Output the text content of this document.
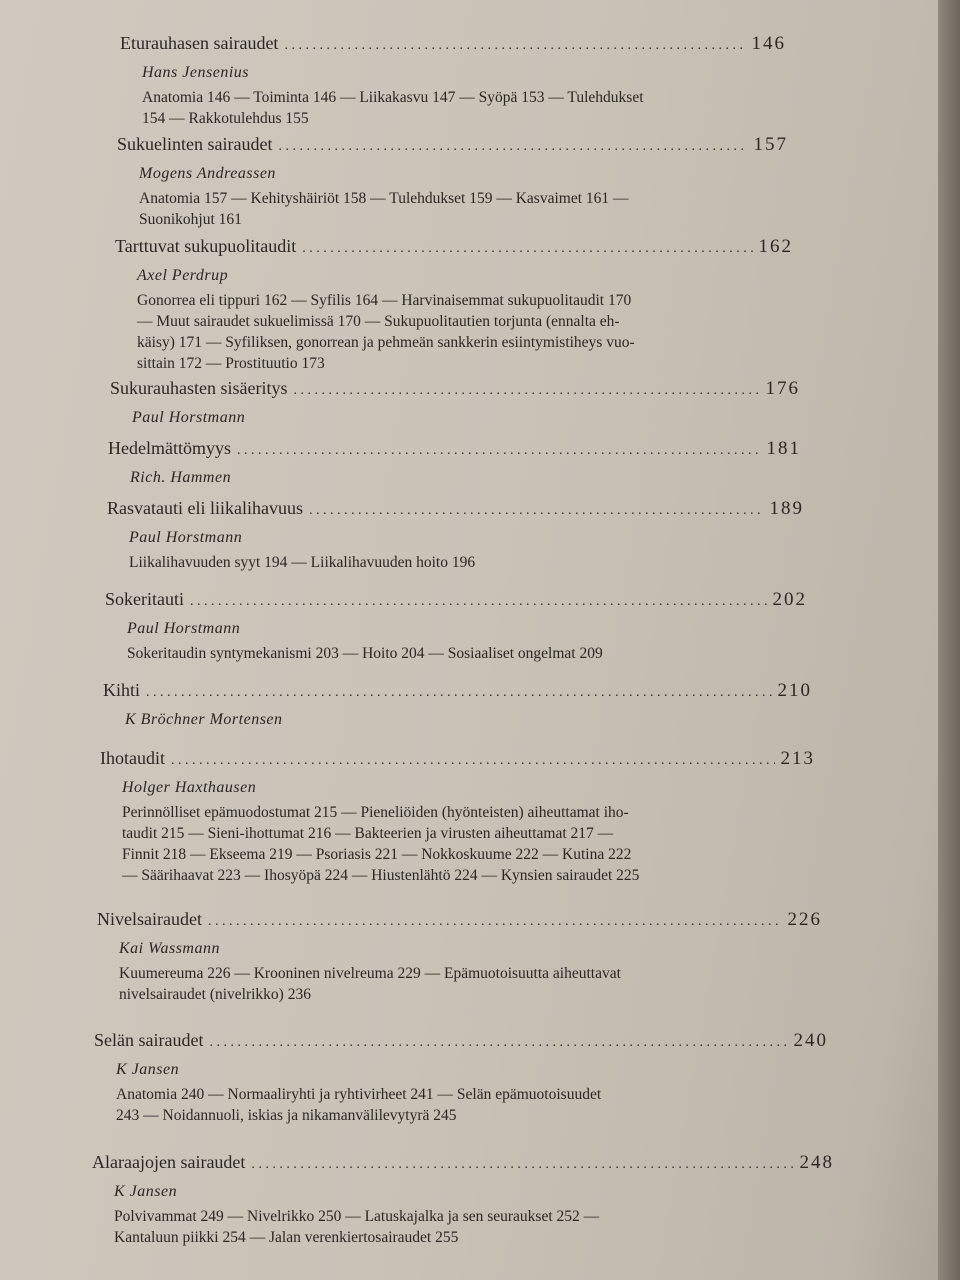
Eturauhasen sairaudet . . .	146
Hans Jensenius
Anatomia 146 — Toiminta 146 — Liikakasvu 147 — Syöpä 153 — Tulehdukset
154 — Rakkotulehdus 155
Sukuelinten sairaudet . . .	157
Mogens Andreassen
Anatomia 157 — Kehityshäiriöt 158 — Tulehdukset 159 — Kasvaimet 161 —
Suonikohjut 161
Tarttuvat sukupuolitaudit . . .	162
Axel Perdrup
Gonorrea eli tippuri 162 — Syfilis 164 — Harvinaisemmat sukupuolitaudit 170
— Muut sairaudet sukuelimissä 170 — Sukupuolitautien torjunta (ennalta eh-
käisy) 171 — Syfiliksen, gonorrean ja pehmeän sankkerin esiintymistiheys vuo-
sittain 172 — Prostituutio 173
Sukurauhasten sisäeritys . . .	176
Paul Horstmann
Hedelmättömyys . . .	181
Rich. Hammen
Rasvatauti eli liikalihavuus . . .	189
Paul Horstmann
Liikalihavuuden syyt 194 — Liikalihavuuden hoito 196
Sokeritauti . . .	202
Paul Horstmann
Sokeritaudin syntymekanismi 203 — Hoito 204 — Sosiaaliset ongelmat 209
Kihti . . .	210
K Bröchner Mortensen
Ihotaudit . . .	213
Holger Haxthausen
Perinnölliset epämuodostumat 215 — Pieneliöiden (hyönteisten) aiheuttamat iho-
taudit 215 — Sieni-ihottumat 216 — Bakteerien ja virusten aiheuttamat 217 —
Finnit 218 — Ekseema 219 — Psoriasis 221 — Nokkoskuume 222 — Kutina 222
— Säärihaavat 223 — Ihosyöpä 224 — Hiustenlähtö 224 — Kynsien sairaudet 225
Nivelsairaudet . . .	226
Kai Wassmann
Kuumereuma 226 — Krooninen nivelreuma 229 — Epämuotoisuutta aiheuttavat
nivelsairaudet (nivelrikko) 236
Selän sairaudet . . .	240
K Jansen
Anatomia 240 — Normaaliryhti ja ryhtivirheet 241 — Selän epämuotoisuudet
243 — Noidannuoli, iskias ja nikamanvälilevytyrä 245
Alaraajojen sairaudet . . .	248
K Jansen
Polvivammat 249 — Nivelrikko 250 — Latuskajalka ja sen seuraukset 252 —
Kantaluun piikki 254 — Jalan verenkiertosairaudet 255
